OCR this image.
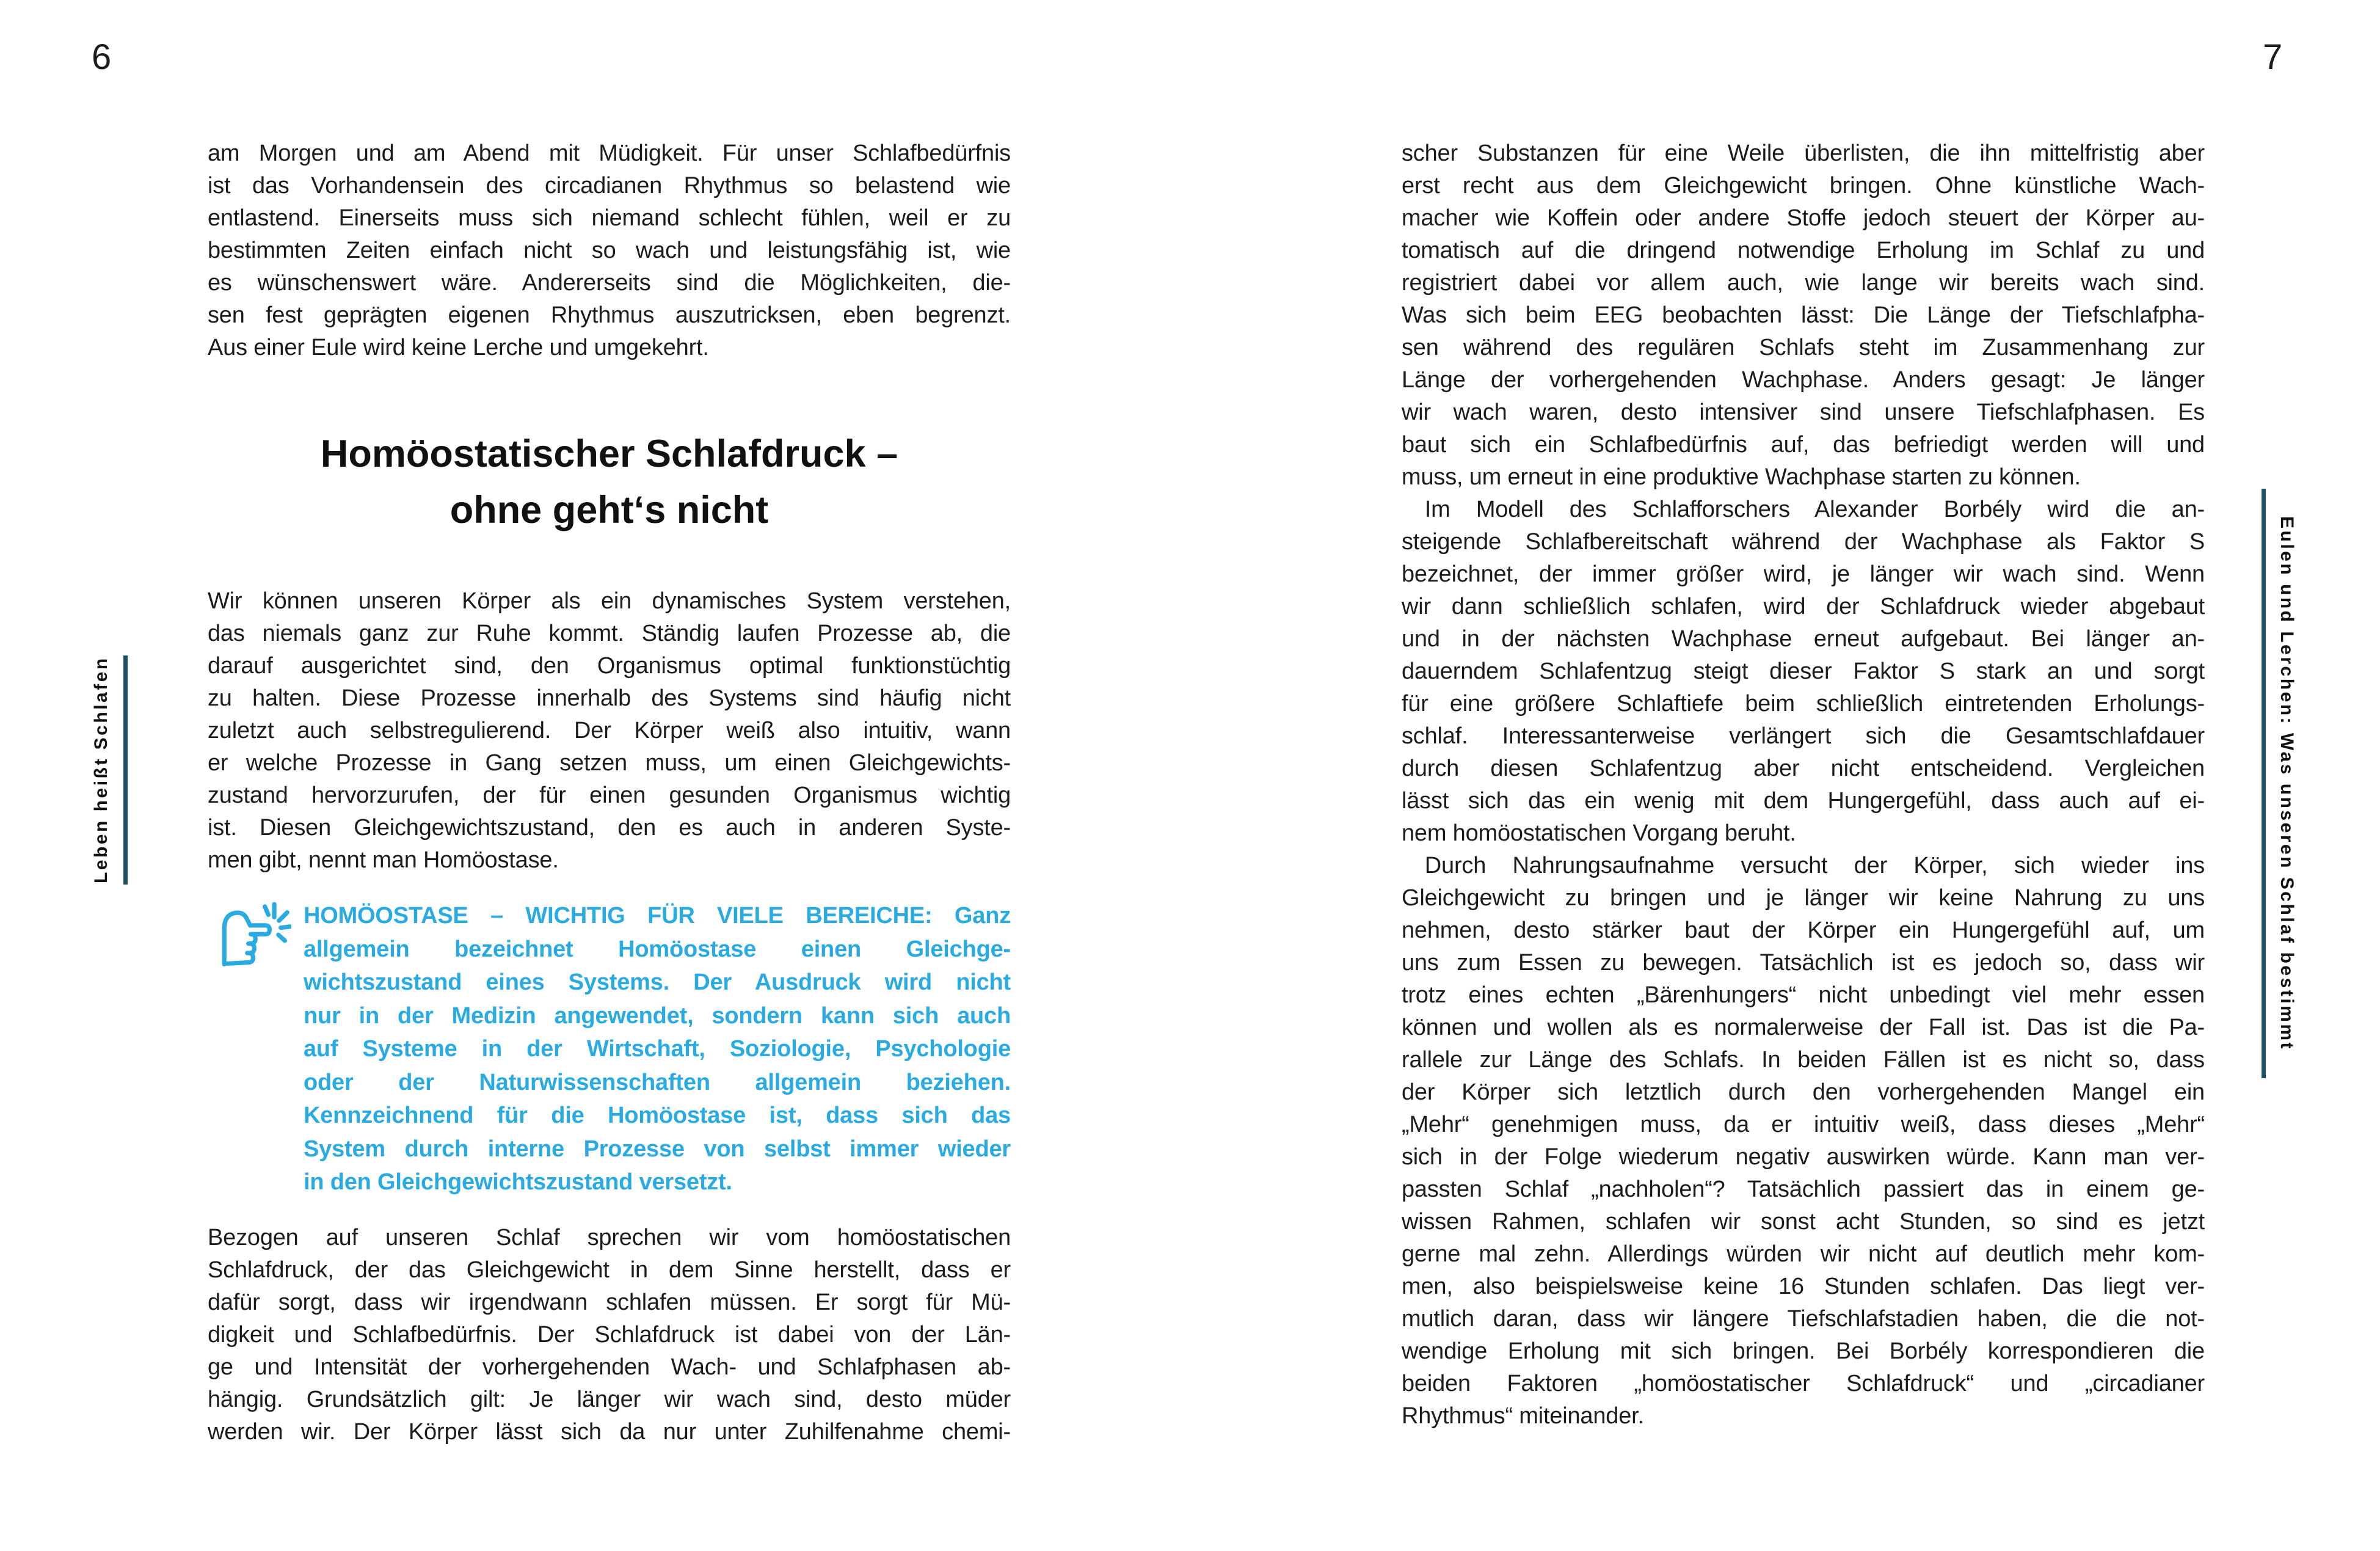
6
Leben heißt Schlafen
am Morgen und am Abend mit Müdigkeit. Für unser Schlafbedürfnis
ist das Vorhandensein des circadianen Rhythmus so belastend wie
entlastend. Einerseits muss sich niemand schlecht fühlen, weil er zu
bestimmten Zeiten einfach nicht so wach und leistungsfähig ist, wie
es wünschenswert wäre. Andererseits sind die Möglichkeiten, die-
sen fest geprägten eigenen Rhythmus auszutricksen, eben begrenzt.
Aus einer Eule wird keine Lerche und umgekehrt.
Homöostatischer Schlafdruck –
ohne geht‘s nicht
Wir können unseren Körper als ein dynamisches System verstehen,
das niemals ganz zur Ruhe kommt. Ständig laufen Prozesse ab, die
darauf ausgerichtet sind, den Organismus optimal funktionstüchtig
zu halten. Diese Prozesse innerhalb des Systems sind häufig nicht
zuletzt auch selbstregulierend. Der Körper weiß also intuitiv, wann
er welche Prozesse in Gang setzen muss, um einen Gleichgewichts-
zustand hervorzurufen, der für einen gesunden Organismus wichtig
ist. Diesen Gleichgewichtszustand, den es auch in anderen Syste-
men gibt, nennt man Homöostase.
HOMÖOSTASE – WICHTIG FÜR VIELE BEREICHE: Ganz
allgemein bezeichnet Homöostase einen Gleichge-
wichtszustand eines Systems. Der Ausdruck wird nicht
nur in der Medizin angewendet, sondern kann sich auch
auf Systeme in der Wirtschaft, Soziologie, Psychologie
oder der Naturwissenschaften allgemein beziehen.
Kennzeichnend für die Homöostase ist, dass sich das
System durch interne Prozesse von selbst immer wieder
in den Gleichgewichtszustand versetzt.
Bezogen auf unseren Schlaf sprechen wir vom homöostatischen
Schlafdruck, der das Gleichgewicht in dem Sinne herstellt, dass er
dafür sorgt, dass wir irgendwann schlafen müssen. Er sorgt für Mü-
digkeit und Schlafbedürfnis. Der Schlafdruck ist dabei von der Län-
ge und Intensität der vorhergehenden Wach- und Schlafphasen ab-
hängig. Grundsätzlich gilt: Je länger wir wach sind, desto müder
werden wir. Der Körper lässt sich da nur unter Zuhilfenahme chemi-
7
Eulen und Lerchen: Was unseren Schlaf bestimmt
scher Substanzen für eine Weile überlisten, die ihn mittelfristig aber
erst recht aus dem Gleichgewicht bringen. Ohne künstliche Wach-
macher wie Koffein oder andere Stoffe jedoch steuert der Körper au-
tomatisch auf die dringend notwendige Erholung im Schlaf zu und
registriert dabei vor allem auch, wie lange wir bereits wach sind.
Was sich beim EEG beobachten lässt: Die Länge der Tiefschlafpha-
sen während des regulären Schlafs steht im Zusammenhang zur
Länge der vorhergehenden Wachphase. Anders gesagt: Je länger
wir wach waren, desto intensiver sind unsere Tiefschlafphasen. Es
baut sich ein Schlafbedürfnis auf, das befriedigt werden will und
muss, um erneut in eine produktive Wachphase starten zu können.
 Im Modell des Schlafforschers Alexander Borbély wird die an-
steigende Schlafbereitschaft während der Wachphase als Faktor S
bezeichnet, der immer größer wird, je länger wir wach sind. Wenn
wir dann schließlich schlafen, wird der Schlafdruck wieder abgebaut
und in der nächsten Wachphase erneut aufgebaut. Bei länger an-
dauerndem Schlafentzug steigt dieser Faktor S stark an und sorgt
für eine größere Schlaftiefe beim schließlich eintretenden Erholungs-
schlaf. Interessanterweise verlängert sich die Gesamtschlafdauer
durch diesen Schlafentzug aber nicht entscheidend. Vergleichen
lässt sich das ein wenig mit dem Hungergefühl, dass auch auf ei-
nem homöostatischen Vorgang beruht.
 Durch Nahrungsaufnahme versucht der Körper, sich wieder ins
Gleichgewicht zu bringen und je länger wir keine Nahrung zu uns
nehmen, desto stärker baut der Körper ein Hungergefühl auf, um
uns zum Essen zu bewegen. Tatsächlich ist es jedoch so, dass wir
trotz eines echten „Bärenhungers“ nicht unbedingt viel mehr essen
können und wollen als es normalerweise der Fall ist. Das ist die Pa-
rallele zur Länge des Schlafs. In beiden Fällen ist es nicht so, dass
der Körper sich letztlich durch den vorhergehenden Mangel ein
„Mehr“ genehmigen muss, da er intuitiv weiß, dass dieses „Mehr“
sich in der Folge wiederum negativ auswirken würde. Kann man ver-
passten Schlaf „nachholen“? Tatsächlich passiert das in einem ge-
wissen Rahmen, schlafen wir sonst acht Stunden, so sind es jetzt
gerne mal zehn. Allerdings würden wir nicht auf deutlich mehr kom-
men, also beispielsweise keine 16 Stunden schlafen. Das liegt ver-
mutlich daran, dass wir längere Tiefschlafstadien haben, die die not-
wendige Erholung mit sich bringen. Bei Borbély korrespondieren die
beiden Faktoren „homöostatischer Schlafdruck“ und „circadianer
Rhythmus“ miteinander.
